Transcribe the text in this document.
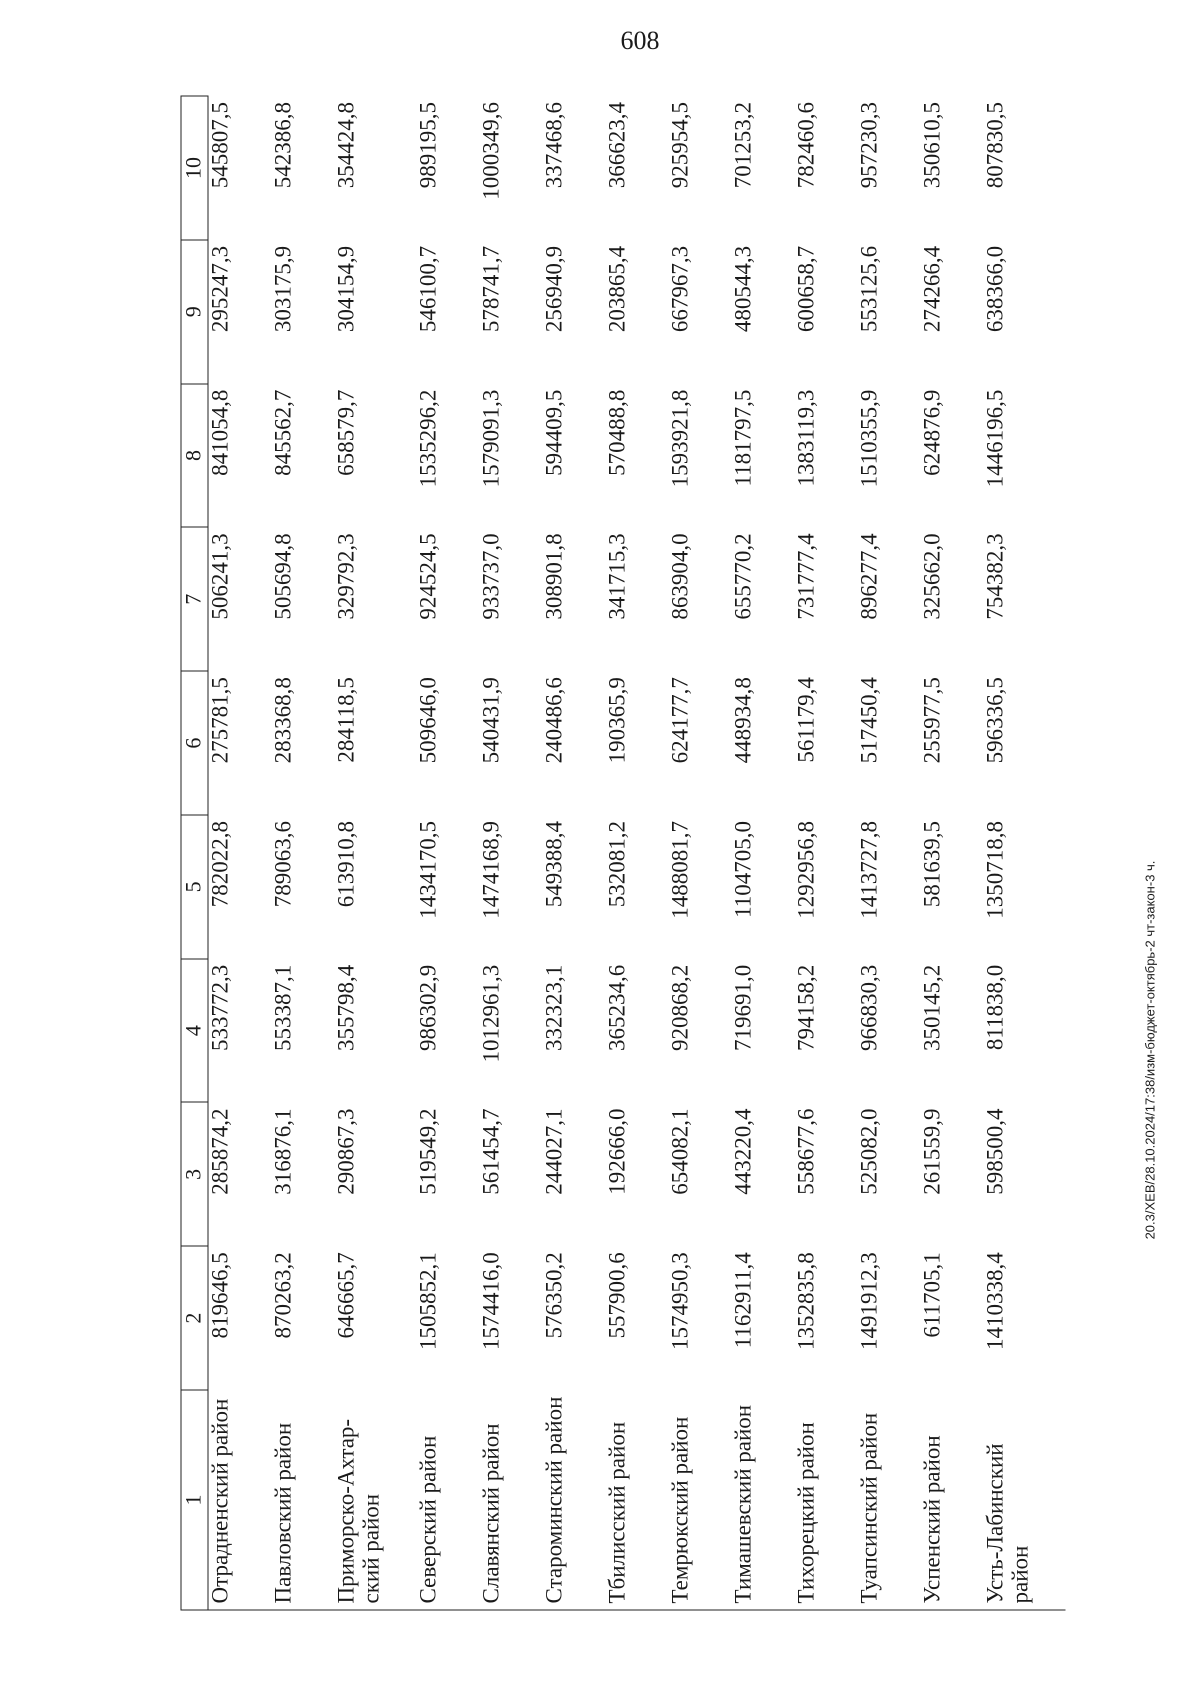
608
20.3/XEB/28.10.2024/17:38/изм-бюджет-октябрь-2 чт-закон-3 ч.
1	2	3	4	5	6	7	8	9	10
Отрадненский район	819646,5	285874,2	533772,3	782022,8	275781,5	506241,3	841054,8	295247,3	545807,5
Павловский район	870263,2	316876,1	553387,1	789063,6	283368,8	505694,8	845562,7	303175,9	542386,8
Приморско-Ахтар-ский район	646665,7	290867,3	355798,4	613910,8	284118,5	329792,3	658579,7	304154,9	354424,8
Северский район	1505852,1	519549,2	986302,9	1434170,5	509646,0	924524,5	1535296,2	546100,7	989195,5
Славянский район	1574416,0	561454,7	1012961,3	1474168,9	540431,9	933737,0	1579091,3	578741,7	1000349,6
Староминский район	576350,2	244027,1	332323,1	549388,4	240486,6	308901,8	594409,5	256940,9	337468,6
Тбилисский район	557900,6	192666,0	365234,6	532081,2	190365,9	341715,3	570488,8	203865,4	366623,4
Темрюкский район	1574950,3	654082,1	920868,2	1488081,7	624177,7	863904,0	1593921,8	667967,3	925954,5
Тимашевский район	1162911,4	443220,4	719691,0	1104705,0	448934,8	655770,2	1181797,5	480544,3	701253,2
Тихорецкий район	1352835,8	558677,6	794158,2	1292956,8	561179,4	731777,4	1383119,3	600658,7	782460,6
Туапсинский район	1491912,3	525082,0	966830,3	1413727,8	517450,4	896277,4	1510355,9	553125,6	957230,3
Успенский район	611705,1	261559,9	350145,2	581639,5	255977,5	325662,0	624876,9	274266,4	350610,5
Усть-Лабинский район	1410338,4	598500,4	811838,0	1350718,8	596336,5	754382,3	1446196,5	638366,0	807830,5
